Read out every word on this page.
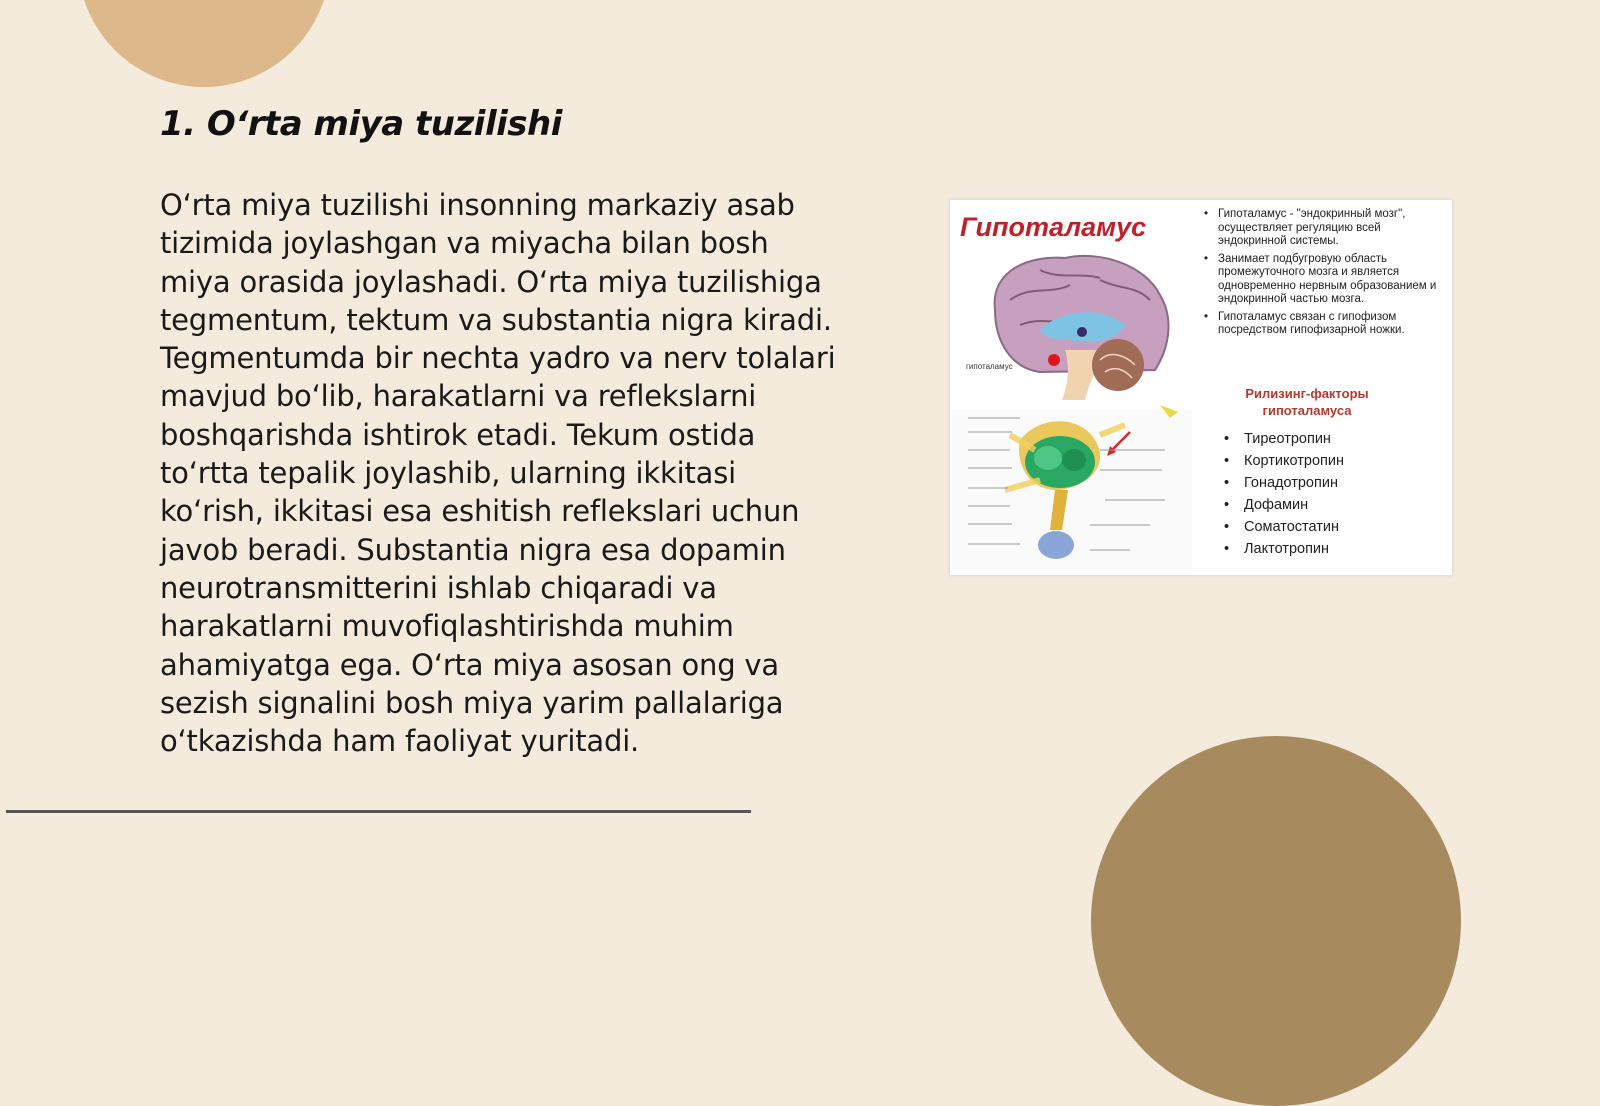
1. O‘rta miya tuzilishi

O‘rta miya tuzilishi insonning markaziy asab tizimida joylashgan va miyacha bilan bosh miya orasida joylashadi. O‘rta miya tuzilishiga tegmentum, tektum va substantia nigra kiradi. Tegmentumda bir nechta yadro va nerv tolalari mavjud bo‘lib, harakatlarni va reflekslarni boshqarishda ishtirok etadi. Tekum ostida to‘rtta tepalik joylashib, ularning ikkitasi ko‘rish, ikkitasi esa eshitish reflekslari uchun javob beradi. Substantia nigra esa dopamin neurotransmitterini ishlab chiqaradi va harakatlarni muvofiqlashtirishda muhim ahamiyatga ega. O‘rta miya asosan ong va sezish signalini bosh miya yarim pallalariga o‘tkazishda ham faoliyat yuritadi.

Гипоталамус
гипоталамус
• Гипоталамус - "эндокринный мозг", осуществляет регуляцию всей эндокринной системы.
• Занимает подбугровую область промежуточного мозга и является одновременно нервным образованием и эндокринной частью мозга.
• Гипоталамус связан с гипофизом посредством гипофизарной ножки.
Рилизинг-факторы гипоталамуса
• Тиреотропин
• Кортикотропин
• Гонадотропин
• Дофамин
• Соматостатин
• Лактотропин
